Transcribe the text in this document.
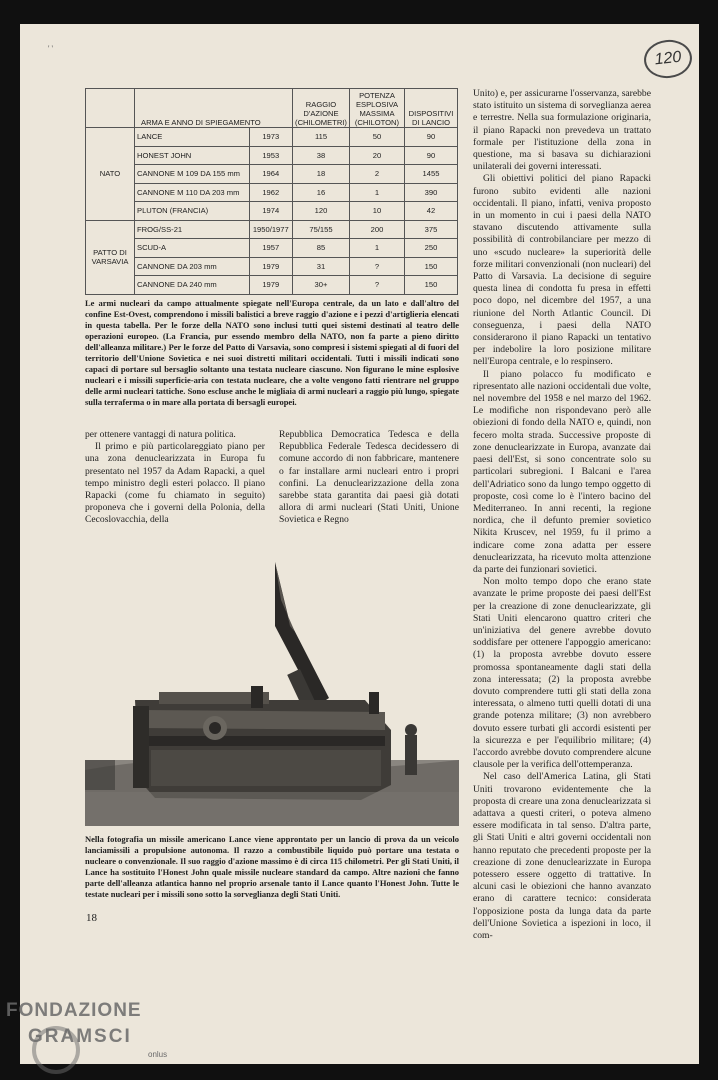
' '
120
	ARMA E ANNO DI SPIEGAMENTO		RAGGIO D'AZIONE (CHILOMETRI)	POTENZA ESPLOSIVA MASSIMA (CHILOTON)	DISPOSITIVI DI LANCIO
NATO	LANCE	1973	115	50	90
	HONEST JOHN	1953	38	20	90
	CANNONE M 109 DA 155 mm	1964	18	2	1455
	CANNONE M 110 DA 203 mm	1962	16	1	390
	PLUTON (FRANCIA)	1974	120	10	42
PATTO DI VARSAVIA	FROG/SS-21	1950/1977	75/155	200	375
	SCUD-A	1957	85	1	250
	CANNONE DA 203 mm	1979	31	?	150
	CANNONE DA 240 mm	1979	30+	?	150
Le armi nucleari da campo attualmente spiegate nell'Europa centrale, da un lato e dall'altro del confine Est-Ovest, comprendono i missili balistici a breve raggio d'azione e i pezzi d'artiglieria elencati in questa tabella. Per le forze della NATO sono inclusi tutti quei sistemi destinati al teatro delle operazioni europeo. (La Francia, pur essendo membro della NATO, non fa parte a pieno diritto dell'alleanza militare.) Per le forze del Patto di Varsavia, sono compresi i sistemi spiegati al di fuori del territorio dell'Unione Sovietica e nei suoi distretti militari occidentali. Tutti i missili indicati sono capaci di portare sul bersaglio soltanto una testata nucleare ciascuno. Non figurano le mine esplosive nucleari e i missili superficie-aria con testata nucleare, che a volte vengono fatti rientrare nel gruppo delle armi nucleari tattiche. Sono escluse anche le migliaia di armi nucleari a raggio più lungo, spiegate sulla terraferma o in mare alla portata di bersagli europei.

per ottenere vantaggi di natura politica.

Il primo e più particolareggiato piano per una zona denuclearizzata in Europa fu presentato nel 1957 da Adam Rapacki, a quel tempo ministro degli esteri polacco. Il piano Rapacki (come fu chiamato in seguito) proponeva che i governi della Polonia, della Cecoslovacchia, della

Repubblica Democratica Tedesca e della Repubblica Federale Tedesca decidessero di comune accordo di non fabbricare, mantenere o far installare armi nucleari entro i propri confini. La denuclearizzazione della zona sarebbe stata garantita dai paesi già dotati allora di armi nucleari (Stati Uniti, Unione Sovietica e Regno

Nella fotografia un missile americano Lance viene approntato per un lancio di prova da un veicolo lanciamissili a propulsione autonoma. Il razzo a combustibile liquido può portare una testata o nucleare o convenzionale. Il suo raggio d'azione massimo è di circa 115 chilometri. Per gli Stati Uniti, il Lance ha sostituito l'Honest John quale missile nucleare standard da campo. Altre nazioni che fanno parte dell'alleanza atlantica hanno nel proprio arsenale tanto il Lance quanto l'Honest John. Tutte le testate nucleari per i missili sono sotto la sorveglianza degli Stati Uniti.

Unito) e, per assicurarne l'osservanza, sarebbe stato istituito un sistema di sorveglianza aerea e terrestre. Nella sua formulazione originaria, il piano Rapacki non prevedeva un trattato formale per l'istituzione della zona in questione, ma si basava su dichiarazioni unilaterali dei governi interessati.

Gli obiettivi politici del piano Rapacki furono subito evidenti alle nazioni occidentali. Il piano, infatti, veniva proposto in un momento in cui i paesi della NATO stavano discutendo attivamente sulla possibilità di controbilanciare per mezzo di uno «scudo nucleare» la superiorità delle forze militari convenzionali (non nucleari) del Patto di Varsavia. La decisione di seguire questa linea di condotta fu presa in effetti poco dopo, nel dicembre del 1957, a una riunione del North Atlantic Council. Di conseguenza, i paesi della NATO considerarono il piano Rapacki un tentativo per indebolire la loro posizione militare nell'Europa centrale, e lo respinsero.

Il piano polacco fu modificato e ripresentato alle nazioni occidentali due volte, nel novembre del 1958 e nel marzo del 1962. Le modifiche non rispondevano però alle obiezioni di fondo della NATO e, quindi, non fecero molta strada. Successive proposte di zone denuclearizzate in Europa, avanzate dai paesi dell'Est, si sono concentrate solo su particolari subregioni. I Balcani e l'area dell'Adriatico sono da lungo tempo oggetto di proposte, così come lo è l'intero bacino del Mediterraneo. In anni recenti, la regione nordica, che il defunto premier sovietico Nikita Kruscev, nel 1959, fu il primo a indicare come zona adatta per essere denuclearizzata, ha ricevuto molta attenzione da parte dei funzionari sovietici.

Non molto tempo dopo che erano state avanzate le prime proposte dei paesi dell'Est per la creazione di zone denuclearizzate, gli Stati Uniti elencarono quattro criteri che un'iniziativa del genere avrebbe dovuto soddisfare per ottenere l'appoggio americano: (1) la proposta avrebbe dovuto essere promossa spontaneamente dagli stati della zona interessata; (2) la proposta avrebbe dovuto comprendere tutti gli stati della zona interessata, o almeno tutti quelli dotati di una grande potenza militare; (3) non avrebbero dovuto essere turbati gli accordi esistenti per la sicurezza e per l'equilibrio militare; (4) l'accordo avrebbe dovuto comprendere alcune clausole per la verifica dell'ottemperanza.

Nel caso dell'America Latina, gli Stati Uniti trovarono evidentemente che la proposta di creare una zona denuclearizzata si adattava a questi criteri, o poteva almeno essere modificata in tal senso. D'altra parte, gli Stati Uniti e altri governi occidentali non hanno reputato che precedenti proposte per la creazione di zone denuclearizzate in Europa potessero essere oggetto di trattative. In alcuni casi le obiezioni che hanno avanzato erano di carattere tecnico: considerata l'opposizione posta da lunga data da parte dell'Unione Sovietica a ispezioni in loco, il com-

18
FONDAZIONE
GRAMSCI
onlus
